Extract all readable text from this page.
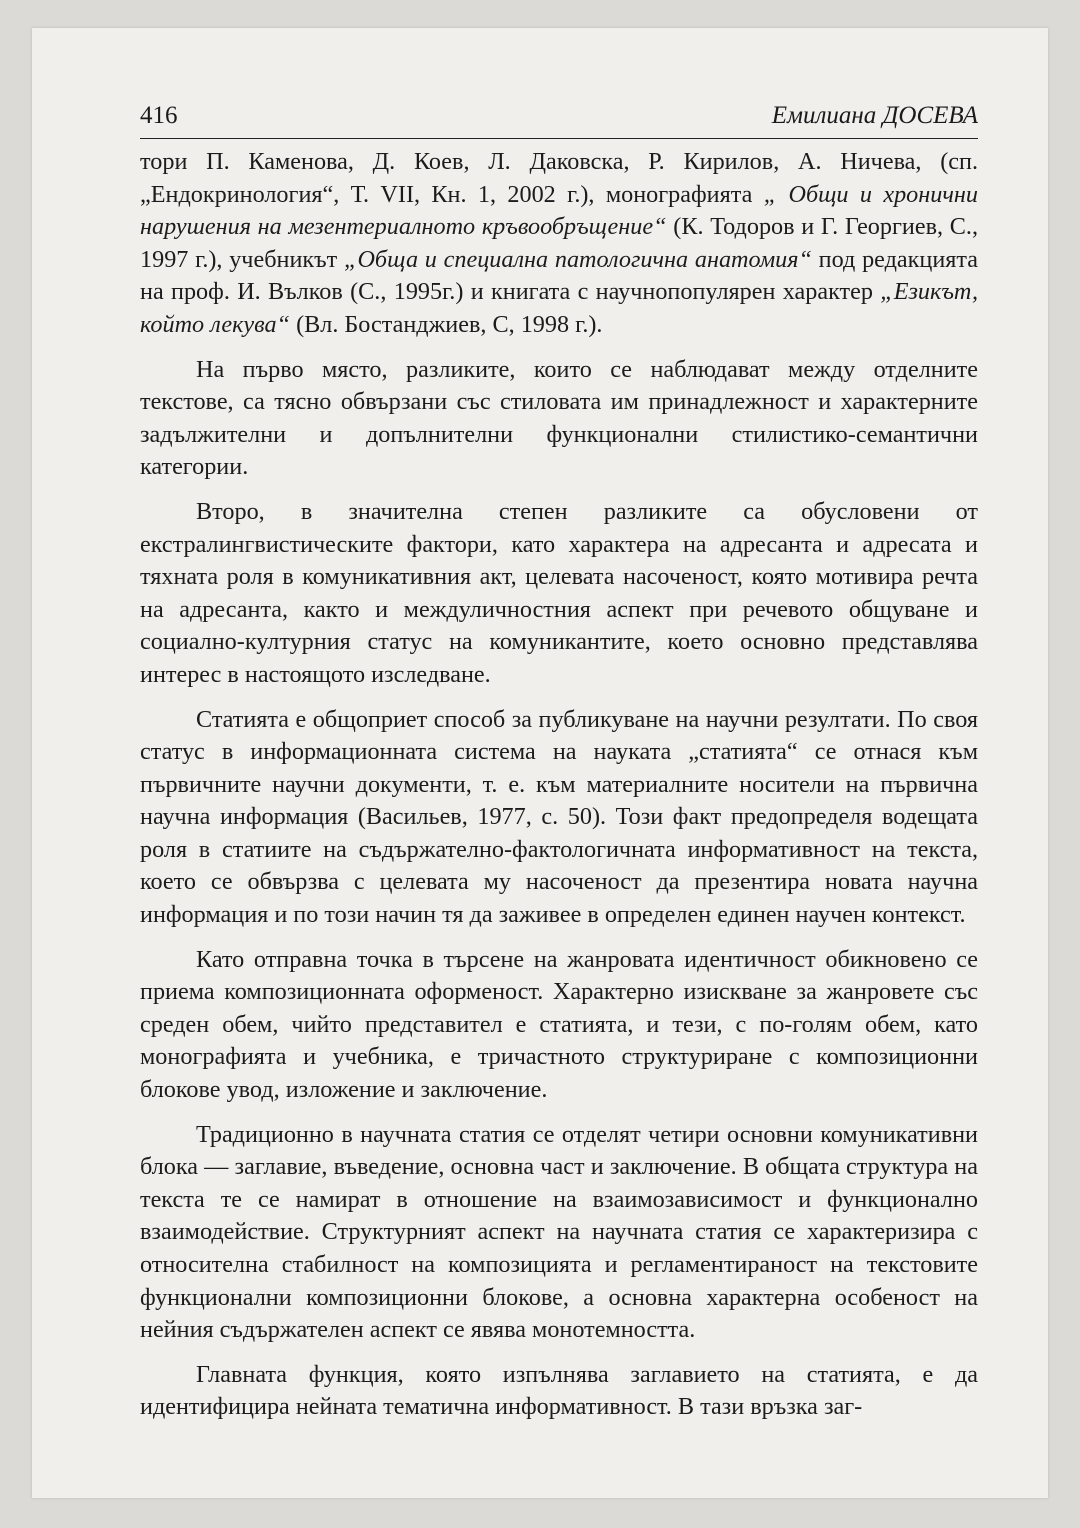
416	Емилиана ДОСЕВА

тори П. Каменова, Д. Коев, Л. Даковска, Р. Кирилов, А. Ничева, (сп. „Ендокринология“, Т. VII, Кн. 1, 2002 г.), монографията „ Общи и хронични нарушения на мезентериалното кръвообръщение“ (К. Тодоров и Г. Георгиев, С., 1997 г.), учебникът „Обща и специална патологична анатомия“ под редакцията на проф. И. Вълков (С., 1995г.) и книгата с научнопопулярен характер „Езикът, който лекува“ (Вл. Бостанджиев, С, 1998 г.).

На първо място, разликите, които се наблюдават между отделните текстове, са тясно обвързани със стиловата им принадлежност и характерните задължителни и допълнителни функционални стилистико-семантични категории.

Второ, в значителна степен разликите са обусловени от екстралингвистическите фактори, като характера на адресанта и адресата и тяхната роля в комуникативния акт, целевата насоченост, която мотивира речта на адресанта, както и междуличностния аспект при речевото общуване и социално-културния статус на комуникантите, което основно представлява интерес в настоящото изследване.

Статията е общоприет способ за публикуване на научни резултати. По своя статус в информационната система на науката „статията“ се отнася към първичните научни документи, т. е. към материалните носители на първична научна информация (Васильев, 1977, с. 50). Този факт предопределя водещата роля в статиите на съдържателно-фактологичната информативност на текста, което се обвързва с целевата му насоченост да презентира новата научна информация и по този начин тя да заживее в определен единен научен контекст.

Като отправна точка в търсене на жанровата идентичност обикновено се приема композиционната оформеност. Характерно изискване за жанровете със среден обем, чийто представител е статията, и тези, с по-голям обем, като монографията и учебника, е тричастното структуриране с композиционни блокове увод, изложение и заключение.

Традиционно в научната статия се отделят четири основни комуникативни блока — заглавие, въведение, основна част и заключение. В общата структура на текста те се намират в отношение на взаимозависимост и функционално взаимодействие. Структурният аспект на научната статия се характеризира с относителна стабилност на композицията и регламентираност на текстовите функционални композиционни блокове, а основна характерна особеност на нейния съдържателен аспект се явява монотемността.

Главната функция, която изпълнява заглавието на статията, е да идентифицира нейната тематична информативност. В тази връзка заг-
